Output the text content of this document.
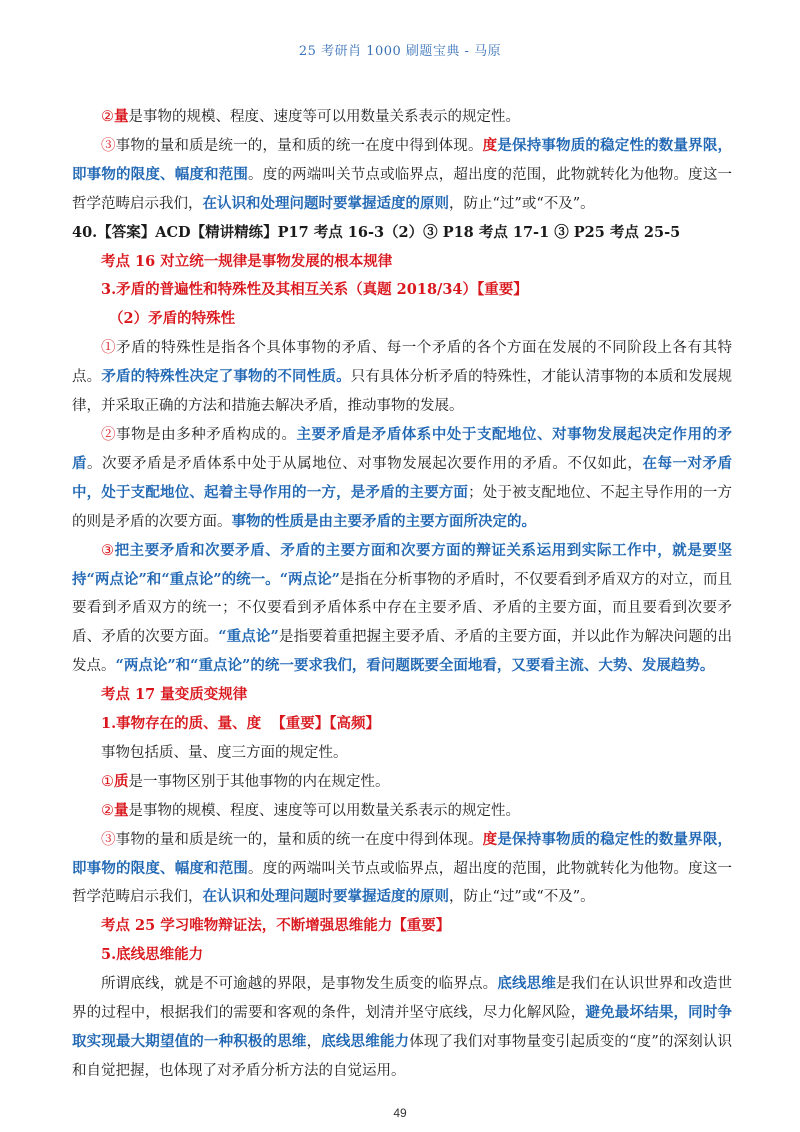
25 考研肖 1000 刷题宝典 - 马原

②量是事物的规模、程度、速度等可以用数量关系表示的规定性。

③事物的量和质是统一的，量和质的统一在度中得到体现。度是保持事物质的稳定性的数量界限，即事物的限度、幅度和范围。度的两端叫关节点或临界点，超出度的范围，此物就转化为他物。度这一哲学范畴启示我们，在认识和处理问题时要掌握适度的原则，防止“过”或“不及”。

40.【答案】ACD【精讲精练】P17 考点 16-3（2）③ P18 考点 17-1 ③ P25 考点 25-5

考点 16 对立统一规律是事物发展的根本规律

3.矛盾的普遍性和特殊性及其相互关系（真题 2018/34）【重要】

（2）矛盾的特殊性

①矛盾的特殊性是指各个具体事物的矛盾、每一个矛盾的各个方面在发展的不同阶段上各有其特点。矛盾的特殊性决定了事物的不同性质。只有具体分析矛盾的特殊性，才能认清事物的本质和发展规律，并采取正确的方法和措施去解决矛盾，推动事物的发展。

②事物是由多种矛盾构成的。主要矛盾是矛盾体系中处于支配地位、对事物发展起决定作用的矛盾。次要矛盾是矛盾体系中处于从属地位、对事物发展起次要作用的矛盾。不仅如此，在每一对矛盾中，处于支配地位、起着主导作用的一方，是矛盾的主要方面；处于被支配地位、不起主导作用的一方的则是矛盾的次要方面。事物的性质是由主要矛盾的主要方面所决定的。

③把主要矛盾和次要矛盾、矛盾的主要方面和次要方面的辩证关系运用到实际工作中，就是要坚持“两点论”和“重点论”的统一。“两点论”是指在分析事物的矛盾时，不仅要看到矛盾双方的对立，而且要看到矛盾双方的统一；不仅要看到矛盾体系中存在主要矛盾、矛盾的主要方面，而且要看到次要矛盾、矛盾的次要方面。“重点论”是指要着重把握主要矛盾、矛盾的主要方面，并以此作为解决问题的出发点。“两点论”和“重点论”的统一要求我们，看问题既要全面地看，又要看主流、大势、发展趋势。

考点 17 量变质变规律

1.事物存在的质、量、度 【重要】【高频】

事物包括质、量、度三方面的规定性。

①质是一事物区别于其他事物的内在规定性。

②量是事物的规模、程度、速度等可以用数量关系表示的规定性。

③事物的量和质是统一的，量和质的统一在度中得到体现。度是保持事物质的稳定性的数量界限，即事物的限度、幅度和范围。度的两端叫关节点或临界点，超出度的范围，此物就转化为他物。度这一哲学范畴启示我们，在认识和处理问题时要掌握适度的原则，防止“过”或“不及”。

考点 25 学习唯物辩证法，不断增强思维能力【重要】

5.底线思维能力

所谓底线，就是不可逾越的界限，是事物发生质变的临界点。底线思维是我们在认识世界和改造世界的过程中，根据我们的需要和客观的条件，划清并坚守底线，尽力化解风险，避免最坏结果，同时争取实现最大期望值的一种积极的思维，底线思维能力体现了我们对事物量变引起质变的“度”的深刻认识和自觉把握，也体现了对矛盾分析方法的自觉运用。

49
